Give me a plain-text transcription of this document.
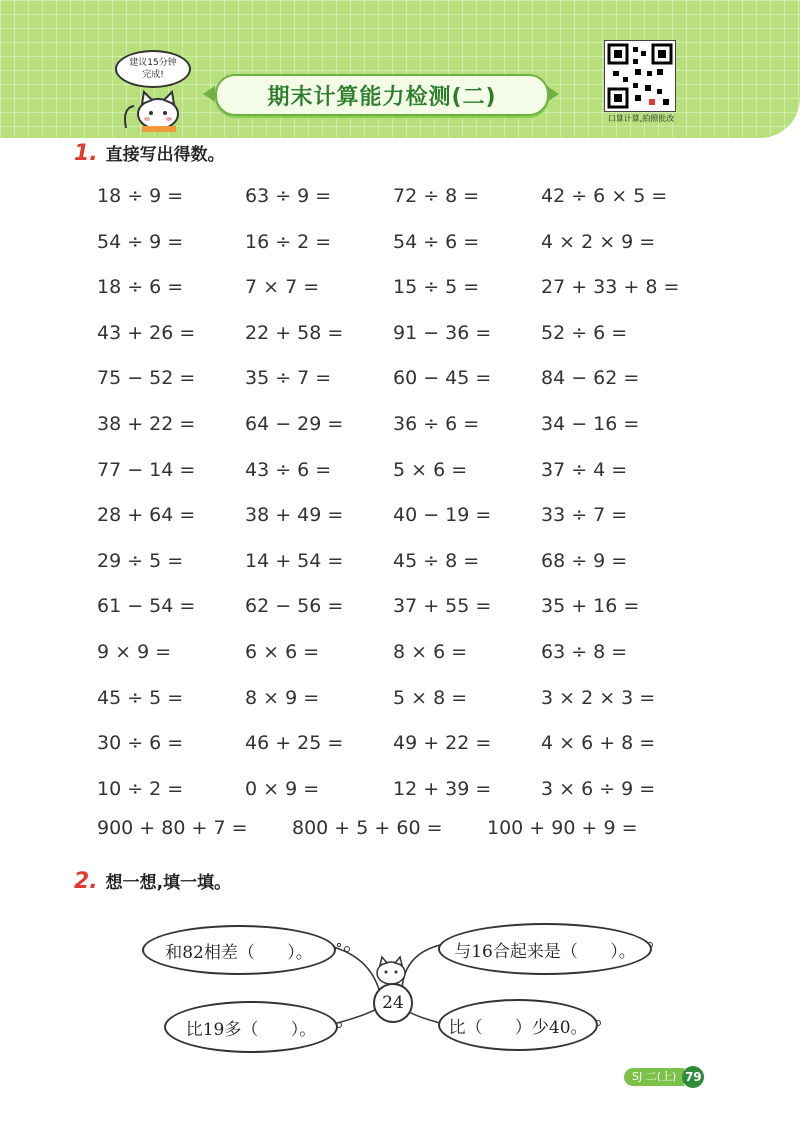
建议15分钟
完成!
期末计算能力检测(二)
口算计算,拍照批改
1. 直接写出得数。
18 ÷ 9 =	63 ÷ 9 =	72 ÷ 8 =	42 ÷ 6 × 5 =
54 ÷ 9 =	16 ÷ 2 =	54 ÷ 6 =	4 × 2 × 9 =
18 ÷ 6 =	7 × 7 =	15 ÷ 5 =	27 + 33 + 8 =
43 + 26 =	22 + 58 =	91 − 36 =	52 ÷ 6 =
75 − 52 =	35 ÷ 7 =	60 − 45 =	84 − 62 =
38 + 22 =	64 − 29 =	36 ÷ 6 =	34 − 16 =
77 − 14 =	43 ÷ 6 =	5 × 6 =	37 ÷ 4 =
28 + 64 =	38 + 49 =	40 − 19 =	33 ÷ 7 =
29 ÷ 5 =	14 + 54 =	45 ÷ 8 =	68 ÷ 9 =
61 − 54 =	62 − 56 =	37 + 55 =	35 + 16 =
9 × 9 =	6 × 6 =	8 × 6 =	63 ÷ 8 =
45 ÷ 5 =	8 × 9 =	5 × 8 =	3 × 2 × 3 =
30 ÷ 6 =	46 + 25 =	49 + 22 =	4 × 6 + 8 =
10 ÷ 2 =	0 × 9 =	12 + 39 =	3 × 6 ÷ 9 =
900 + 80 + 7 =	800 + 5 + 60 =	100 + 90 + 9 =
2. 想一想,填一填。
和82相差（      ）。	与16合起来是（      ）。
比19多（      ）。	比（      ）少40。
24
SJ 二(上) 79
